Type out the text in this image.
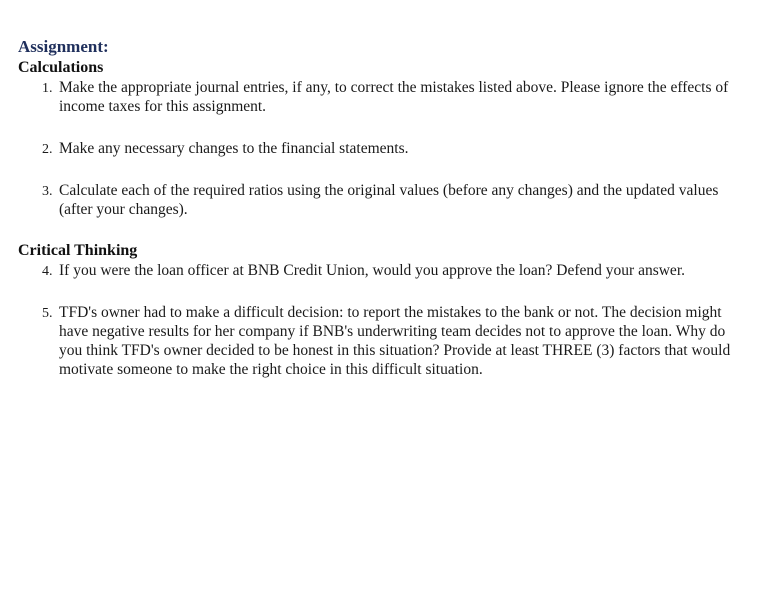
Assignment:
Calculations
1. Make the appropriate journal entries, if any, to correct the mistakes listed above. Please ignore the effects of income taxes for this assignment.
2. Make any necessary changes to the financial statements.
3. Calculate each of the required ratios using the original values (before any changes) and the updated values (after your changes).
Critical Thinking
4. If you were the loan officer at BNB Credit Union, would you approve the loan? Defend your answer.
5. TFD's owner had to make a difficult decision: to report the mistakes to the bank or not. The decision might have negative results for her company if BNB's underwriting team decides not to approve the loan. Why do you think TFD's owner decided to be honest in this situation? Provide at least THREE (3) factors that would motivate someone to make the right choice in this difficult situation.
